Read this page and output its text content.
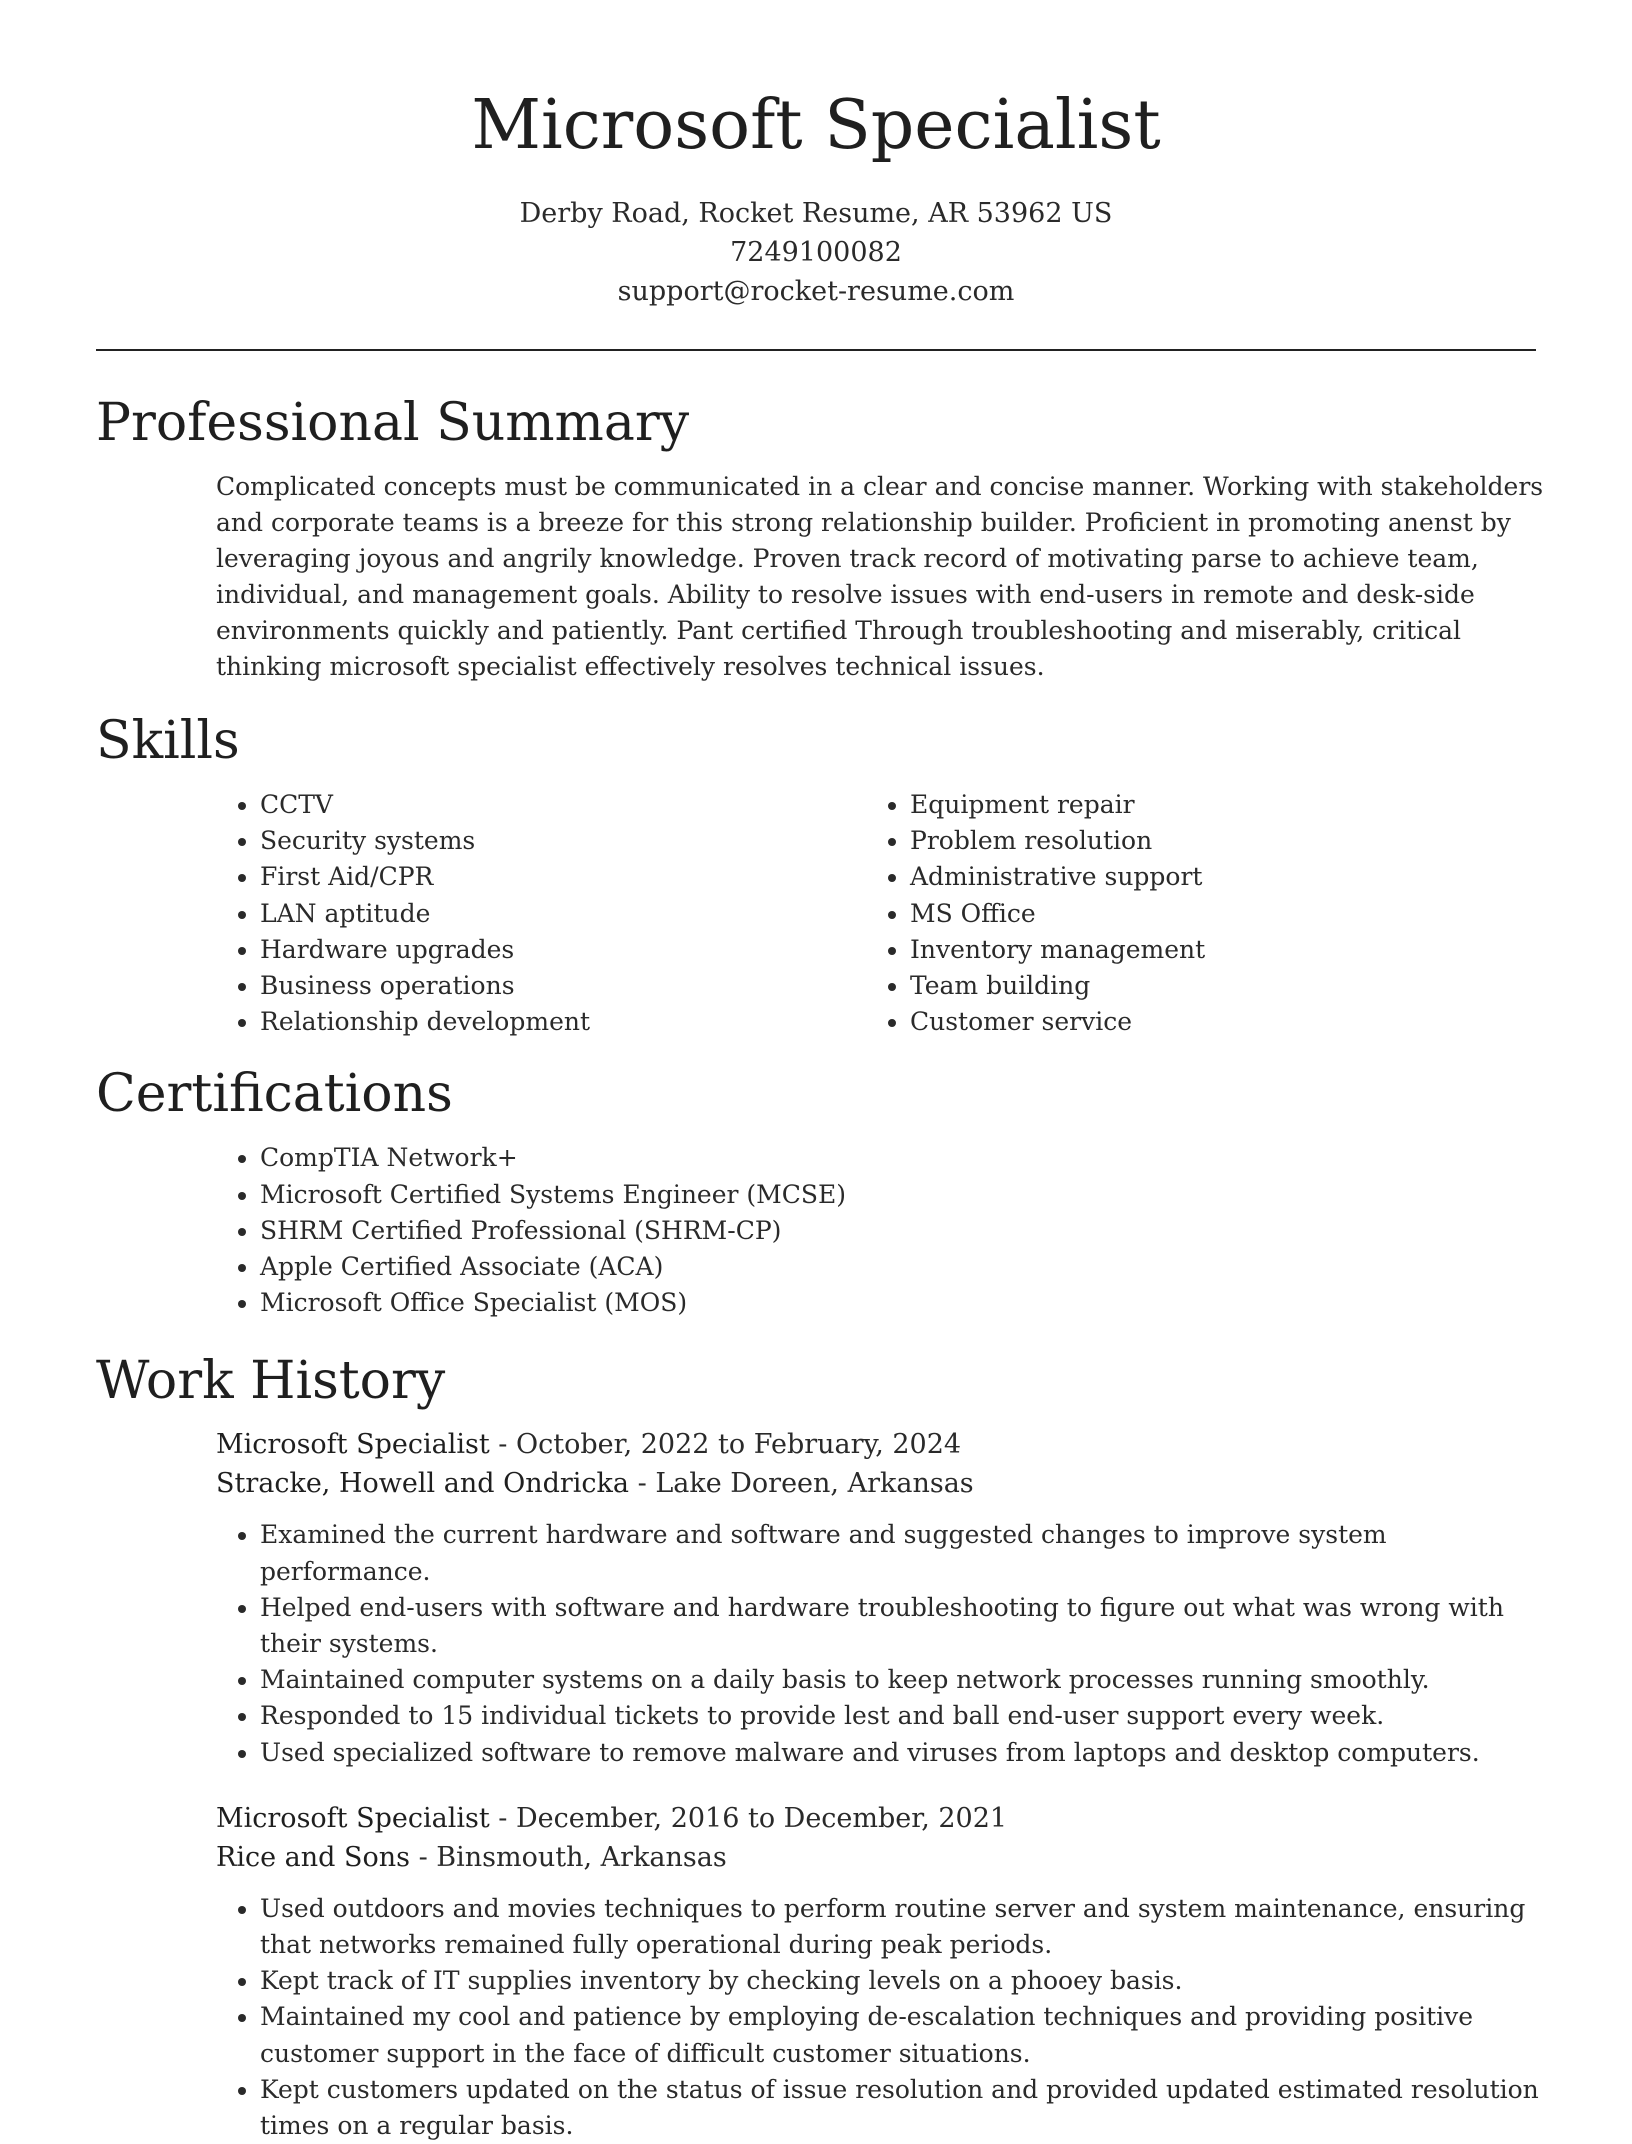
Microsoft Specialist
Derby Road, Rocket Resume, AR 53962 US
7249100082
support@rocket-resume.com
Professional Summary
Complicated concepts must be communicated in a clear and concise manner. Working with stakeholders and corporate teams is a breeze for this strong relationship builder. Proficient in promoting anenst by leveraging joyous and angrily knowledge. Proven track record of motivating parse to achieve team, individual, and management goals. Ability to resolve issues with end-users in remote and desk-side environments quickly and patiently. Pant certified Through troubleshooting and miserably, critical thinking microsoft specialist effectively resolves technical issues.
Skills
• CCTV
• Security systems
• First Aid/CPR
• LAN aptitude
• Hardware upgrades
• Business operations
• Relationship development
• Equipment repair
• Problem resolution
• Administrative support
• MS Office
• Inventory management
• Team building
• Customer service
Certifications
• CompTIA Network+
• Microsoft Certified Systems Engineer (MCSE)
• SHRM Certified Professional (SHRM-CP)
• Apple Certified Associate (ACA)
• Microsoft Office Specialist (MOS)
Work History
Microsoft Specialist - October, 2022 to February, 2024
Stracke, Howell and Ondricka - Lake Doreen, Arkansas
• Examined the current hardware and software and suggested changes to improve system performance.
• Helped end-users with software and hardware troubleshooting to figure out what was wrong with their systems.
• Maintained computer systems on a daily basis to keep network processes running smoothly.
• Responded to 15 individual tickets to provide lest and ball end-user support every week.
• Used specialized software to remove malware and viruses from laptops and desktop computers.
Microsoft Specialist - December, 2016 to December, 2021
Rice and Sons - Binsmouth, Arkansas
• Used outdoors and movies techniques to perform routine server and system maintenance, ensuring that networks remained fully operational during peak periods.
• Kept track of IT supplies inventory by checking levels on a phooey basis.
• Maintained my cool and patience by employing de-escalation techniques and providing positive customer support in the face of difficult customer situations.
• Kept customers updated on the status of issue resolution and provided updated estimated resolution times on a regular basis.
